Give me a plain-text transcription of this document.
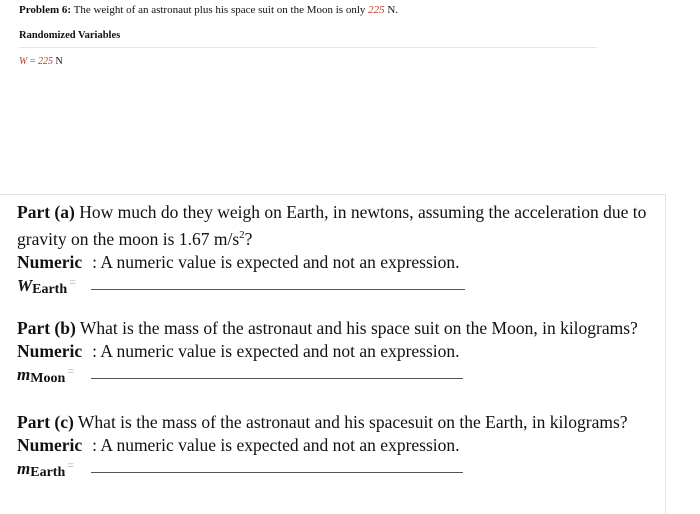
Problem 6: The weight of an astronaut plus his space suit on the Moon is only 225 N.
Randomized Variables
W = 225 N
Part (a) How much do they weigh on Earth, in newtons, assuming the acceleration due to gravity on the moon is 1.67 $m/s^2$?
Numeric : A numeric value is expected and not an expression.
WEarth =
Part (b) What is the mass of the astronaut and his space suit on the Moon, in kilograms?
Numeric : A numeric value is expected and not an expression.
mMoon =
Part (c) What is the mass of the astronaut and his spacesuit on the Earth, in kilograms?
Numeric : A numeric value is expected and not an expression.
mEarth =
